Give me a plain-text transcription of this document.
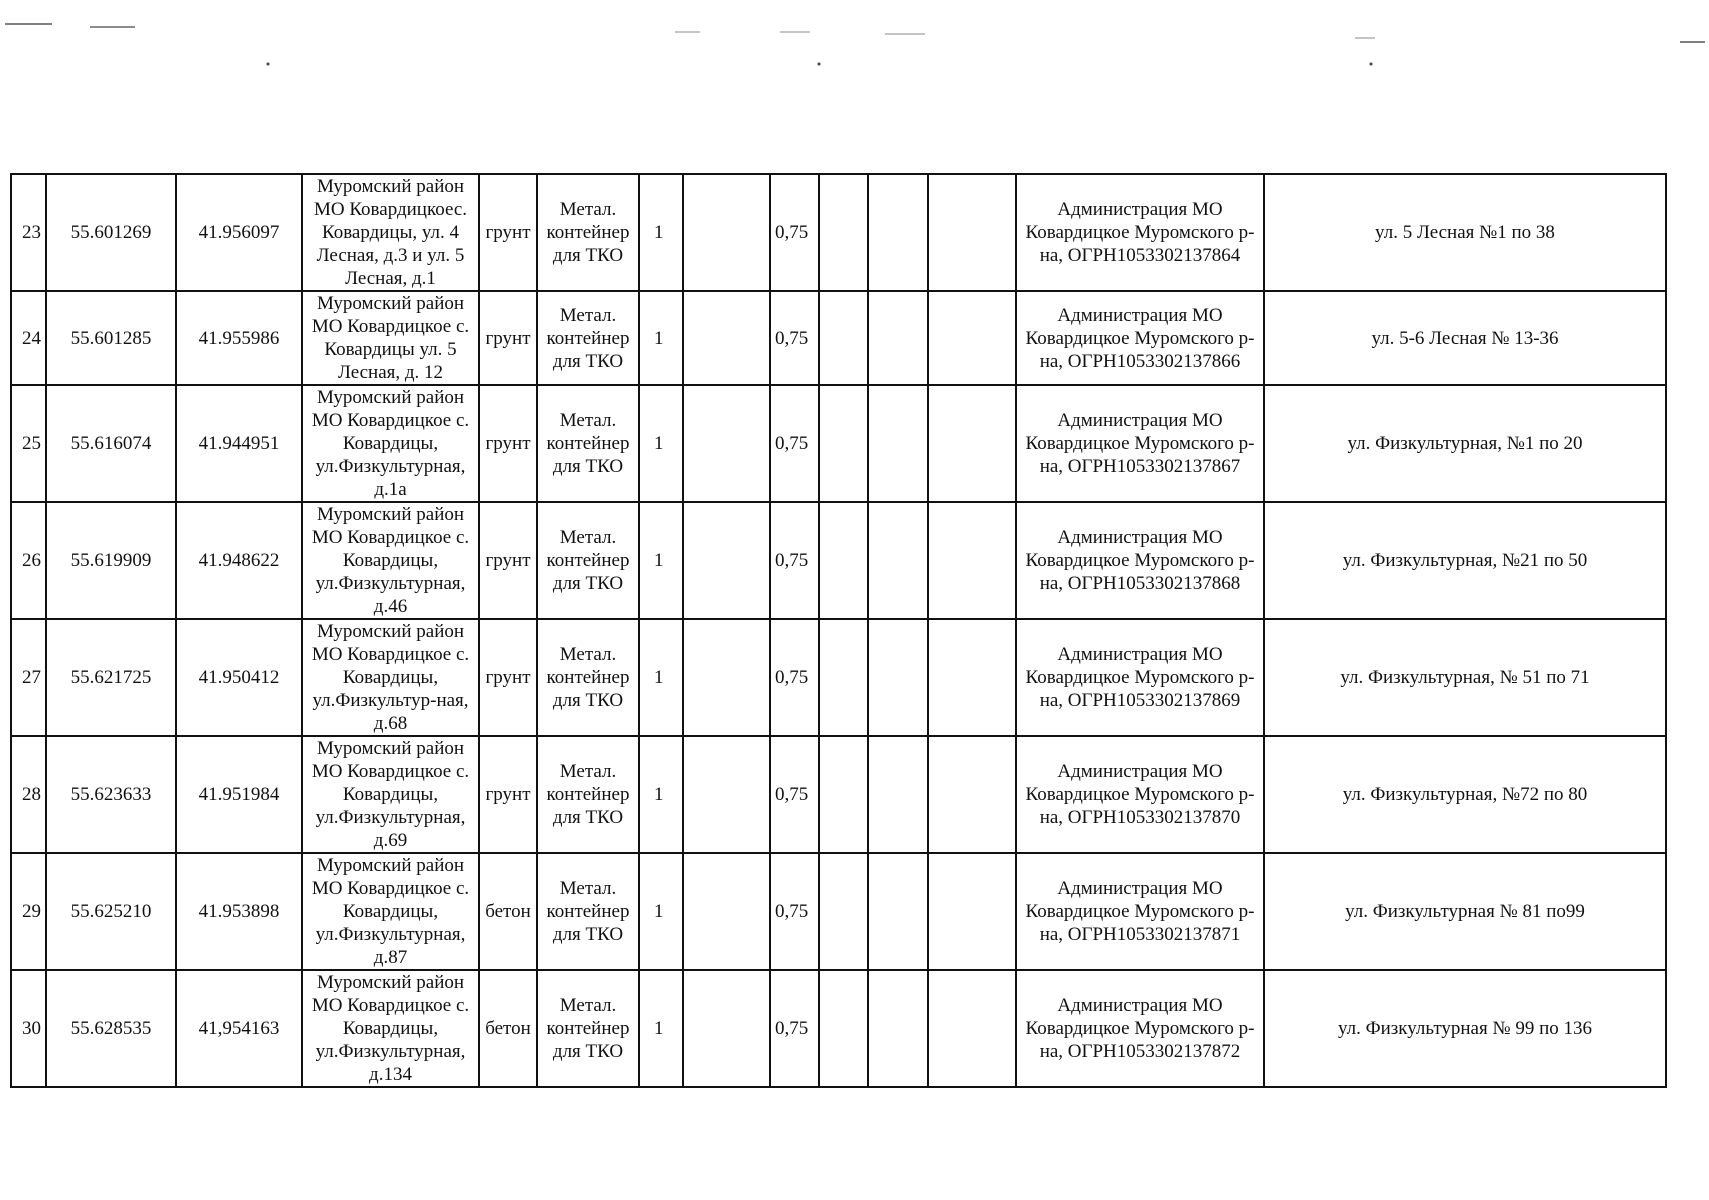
23	55.601269	41.956097	Муромский район МО Ковардицкоес. Ковардицы, ул. 4 Лесная, д.3 и ул. 5 Лесная, д.1	грунт	Метал. контейнер для ТКО	1		0,75				Администрация МО Ковардицкое Муромского р-на, ОГРН1053302137864	ул. 5 Лесная №1 по 38
24	55.601285	41.955986	Муромский район МО Ковардицкое с. Ковардицы ул. 5 Лесная, д. 12	грунт	Метал. контейнер для ТКО	1		0,75				Администрация МО Ковардицкое Муромского р-на, ОГРН1053302137866	ул. 5-6 Лесная № 13-36
25	55.616074	41.944951	Муромский район МО Ковардицкое с. Ковардицы, ул.Физкультурная, д.1а	грунт	Метал. контейнер для ТКО	1		0,75				Администрация МО Ковардицкое Муромского р-на, ОГРН1053302137867	ул. Физкультурная, №1 по 20
26	55.619909	41.948622	Муромский район МО Ковардицкое с. Ковардицы, ул.Физкультурная, д.46	грунт	Метал. контейнер для ТКО	1		0,75				Администрация МО Ковардицкое Муромского р-на, ОГРН1053302137868	ул. Физкультурная, №21 по 50
27	55.621725	41.950412	Муромский район МО Ковардицкое с. Ковардицы, ул.Физкультур-ная, д.68	грунт	Метал. контейнер для ТКО	1		0,75				Администрация МО Ковардицкое Муромского р-на, ОГРН1053302137869	ул. Физкультурная, № 51 по 71
28	55.623633	41.951984	Муромский район МО Ковардицкое с. Ковардицы, ул.Физкультурная, д.69	грунт	Метал. контейнер для ТКО	1		0,75				Администрация МО Ковардицкое Муромского р-на, ОГРН1053302137870	ул. Физкультурная, №72 по 80
29	55.625210	41.953898	Муромский район МО Ковардицкое с. Ковардицы, ул.Физкультурная, д.87	бетон	Метал. контейнер для ТКО	1		0,75				Администрация МО Ковардицкое Муромского р-на, ОГРН1053302137871	ул. Физкультурная № 81 по99
30	55.628535	41,954163	Муромский район МО Ковардицкое с. Ковардицы, ул.Физкультурная, д.134	бетон	Метал. контейнер для ТКО	1		0,75				Администрация МО Ковардицкое Муромского р-на, ОГРН1053302137872	ул. Физкультурная № 99 по 136
